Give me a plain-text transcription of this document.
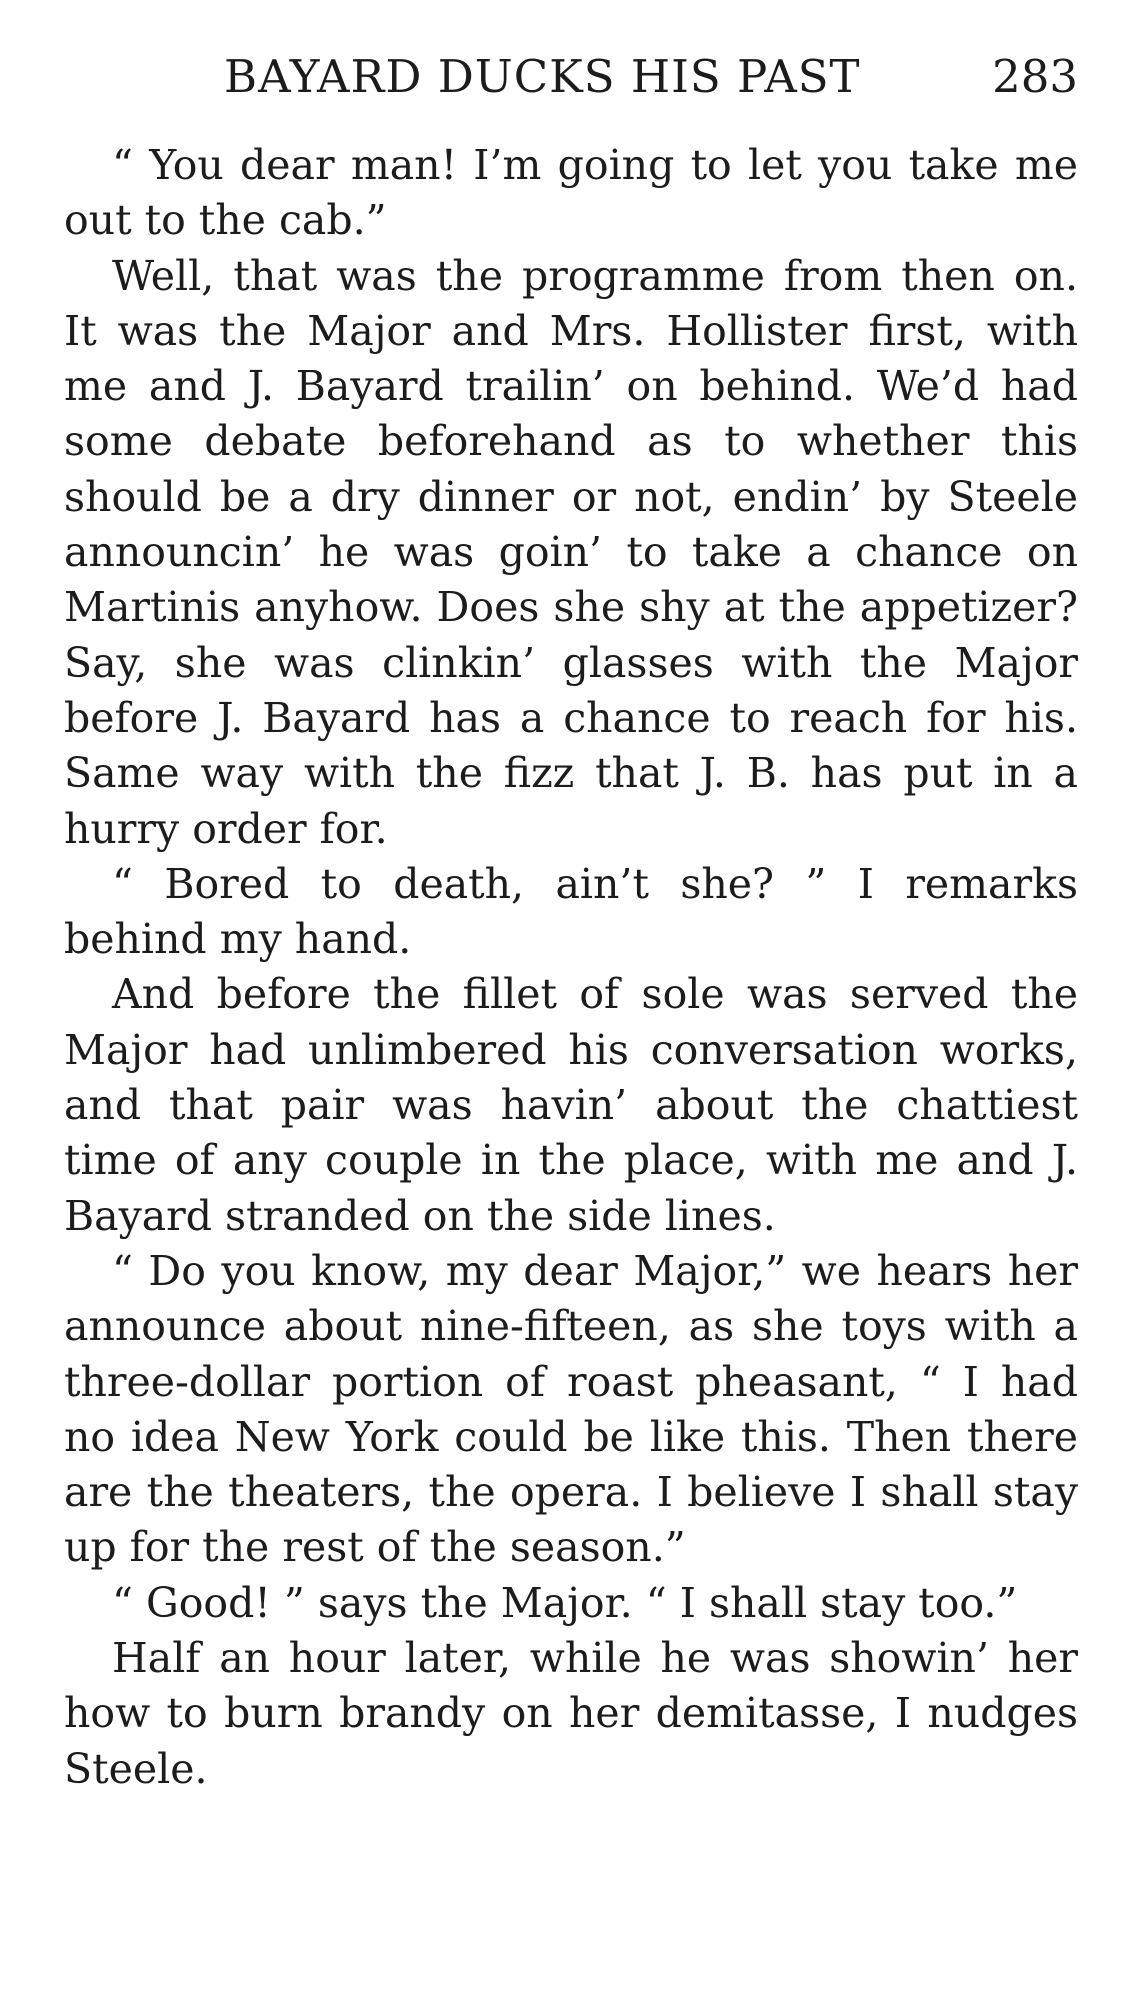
BAYARD DUCKS HIS PAST	283

“ You dear man! I’m going to let you take me out to the cab.”

Well, that was the programme from then on. It was the Major and Mrs. Hollister first, with me and J. Bayard trailin’ on behind. We’d had some debate beforehand as to whether this should be a dry dinner or not, endin’ by Steele announcin’ he was goin’ to take a chance on Martinis anyhow. Does she shy at the appetizer? Say, she was clinkin’ glasses with the Major before J. Bayard has a chance to reach for his. Same way with the fizz that J. B. has put in a hurry order for.

“ Bored to death, ain’t she? ” I remarks behind my hand.

And before the fillet of sole was served the Major had unlimbered his conversation works, and that pair was havin’ about the chattiest time of any couple in the place, with me and J. Bayard stranded on the side lines.

“ Do you know, my dear Major,” we hears her announce about nine-fifteen, as she toys with a three-dollar portion of roast pheasant, “ I had no idea New York could be like this. Then there are the theaters, the opera. I believe I shall stay up for the rest of the season.”

“ Good! ” says the Major. “ I shall stay too.”

Half an hour later, while he was showin’ her how to burn brandy on her demitasse, I nudges Steele.
